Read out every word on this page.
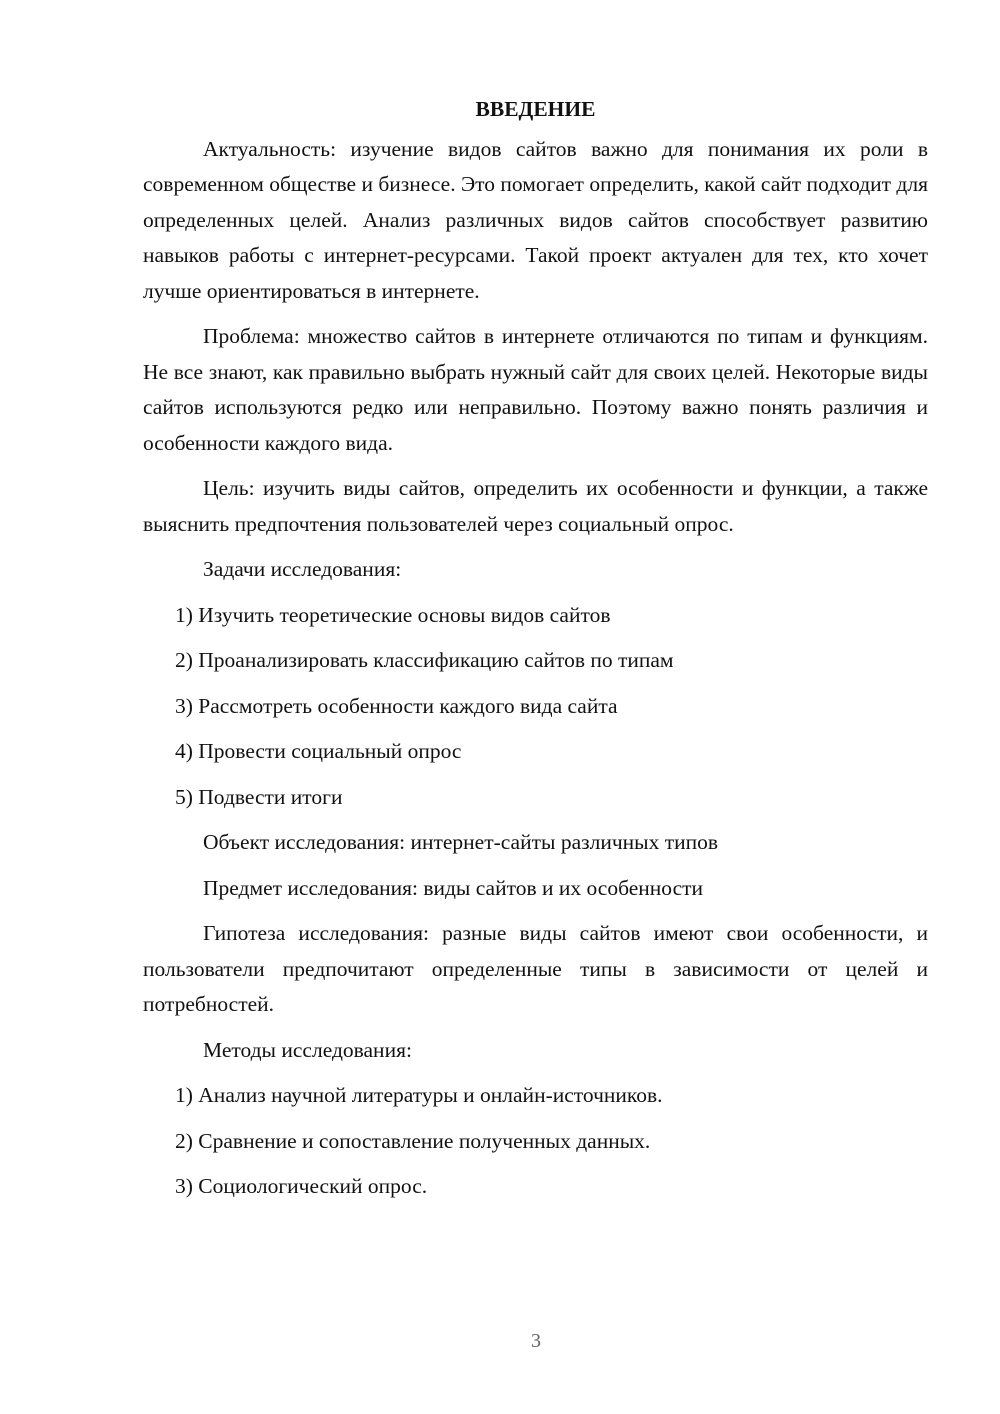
ВВЕДЕНИЕ

Актуальность: изучение видов сайтов важно для понимания их роли в современном обществе и бизнесе. Это помогает определить, какой сайт подходит для определенных целей. Анализ различных видов сайтов способствует развитию навыков работы с интернет-ресурсами. Такой проект актуален для тех, кто хочет лучше ориентироваться в интернете.

Проблема: множество сайтов в интернете отличаются по типам и функциям. Не все знают, как правильно выбрать нужный сайт для своих целей. Некоторые виды сайтов используются редко или неправильно. Поэтому важно понять различия и особенности каждого вида.

Цель: изучить виды сайтов, определить их особенности и функции, а также выяснить предпочтения пользователей через социальный опрос.

Задачи исследования:
1) Изучить теоретические основы видов сайтов
2) Проанализировать классификацию сайтов по типам
3) Рассмотреть особенности каждого вида сайта
4) Провести социальный опрос
5) Подвести итоги
Объект исследования: интернет-сайты различных типов
Предмет исследования: виды сайтов и их особенности

Гипотеза исследования: разные виды сайтов имеют свои особенности, и пользователи предпочитают определенные типы в зависимости от целей и потребностей.

Методы исследования:
1) Анализ научной литературы и онлайн-источников.
2) Сравнение и сопоставление полученных данных.
3) Социологический опрос.
3
